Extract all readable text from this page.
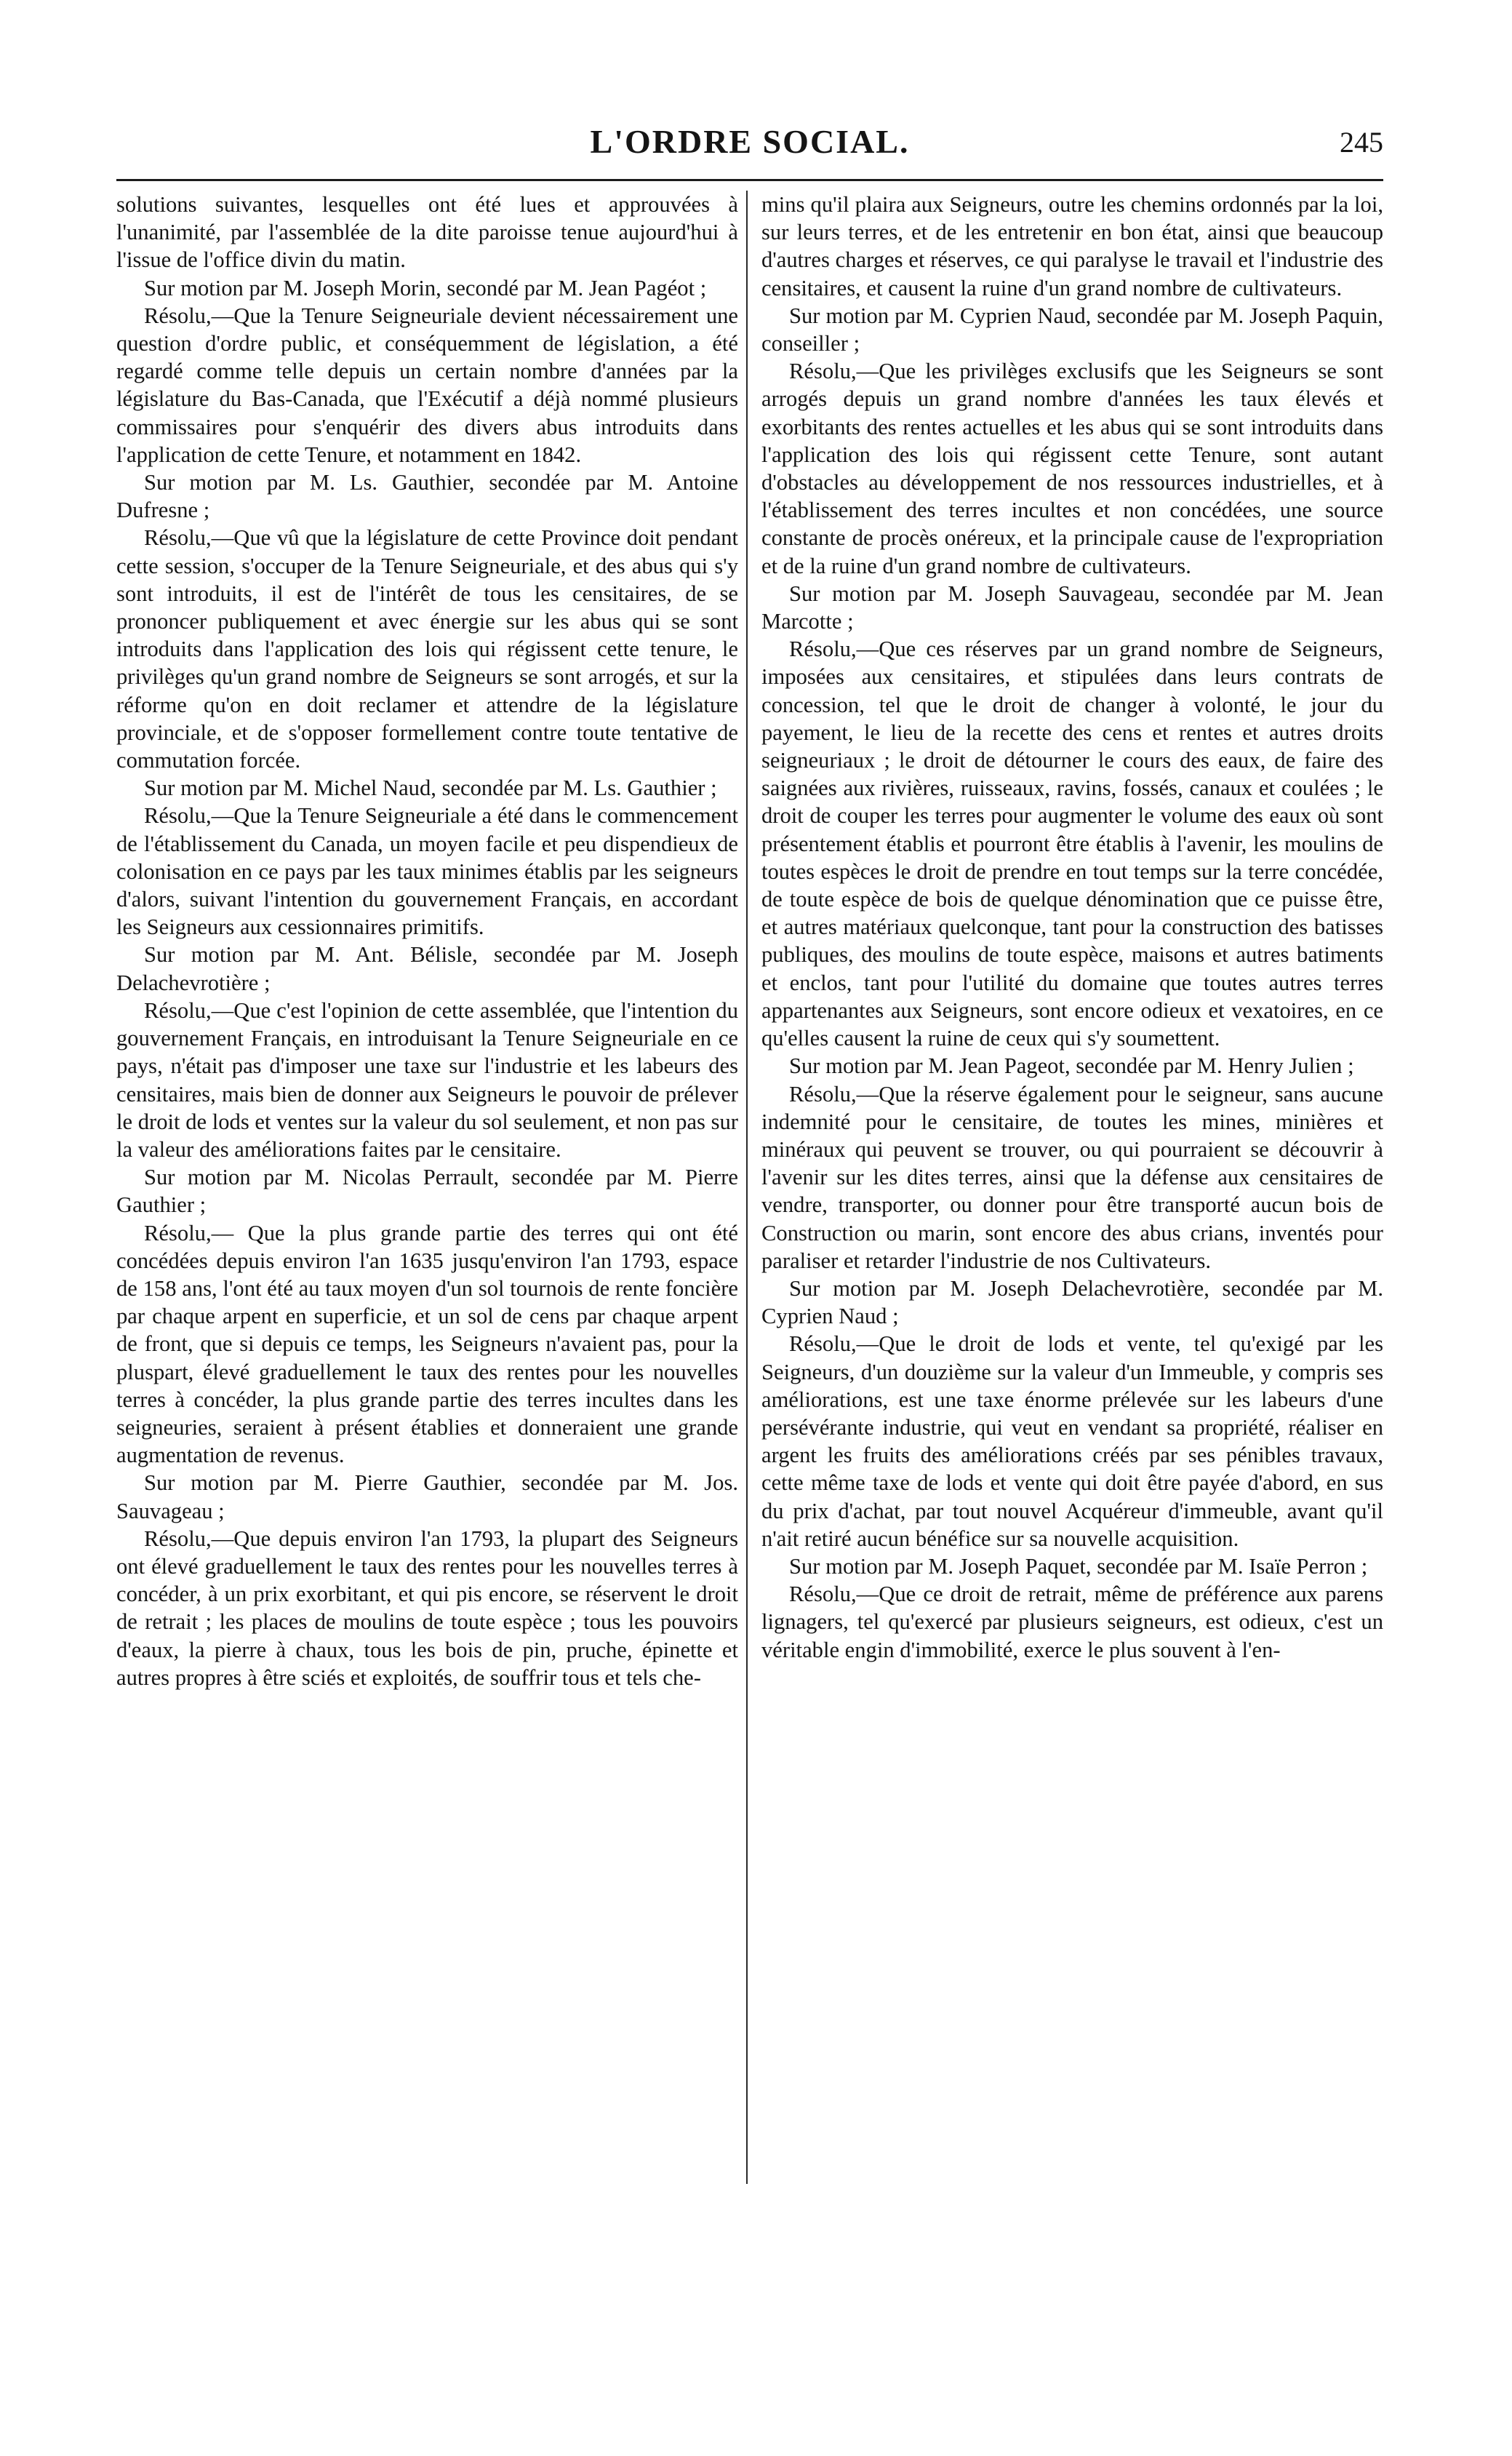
L'ORDRE SOCIAL.	245

solutions suivantes, lesquelles ont été lues et approuvées à l'unanimité, par l'assemblée de la dite paroisse tenue aujourd'hui à l'issue de l'office divin du matin.

Sur motion par M. Joseph Morin, secondé par M. Jean Pagéot ;

Résolu,—Que la Tenure Seigneuriale devient nécessairement une question d'ordre public, et conséquemment de législation, a été regardé comme telle depuis un certain nombre d'années par la législature du Bas-Canada, que l'Exécutif a déjà nommé plusieurs commissaires pour s'enquérir des divers abus introduits dans l'application de cette Tenure, et notamment en 1842.

Sur motion par M. Ls. Gauthier, secondée par M. Antoine Dufresne ;

Résolu,—Que vû que la législature de cette Province doit pendant cette session, s'occuper de la Tenure Seigneuriale, et des abus qui s'y sont introduits, il est de l'intérêt de tous les censitaires, de se prononcer publiquement et avec énergie sur les abus qui se sont introduits dans l'application des lois qui régissent cette tenure, le privilèges qu'un grand nombre de Seigneurs se sont arrogés, et sur la réforme qu'on en doit reclamer et attendre de la législature provinciale, et de s'opposer formellement contre toute tentative de commutation forcée.

Sur motion par M. Michel Naud, secondée par M. Ls. Gauthier ;

Résolu,—Que la Tenure Seigneuriale a été dans le commencement de l'établissement du Canada, un moyen facile et peu dispendieux de colonisation en ce pays par les taux minimes établis par les seigneurs d'alors, suivant l'intention du gouvernement Français, en accordant les Seigneurs aux cessionnaires primitifs.

Sur motion par M. Ant. Bélisle, secondée par M. Joseph Delachevrotière ;

Résolu,—Que c'est l'opinion de cette assemblée, que l'intention du gouvernement Français, en introduisant la Tenure Seigneuriale en ce pays, n'était pas d'imposer une taxe sur l'industrie et les labeurs des censitaires, mais bien de donner aux Seigneurs le pouvoir de prélever le droit de lods et ventes sur la valeur du sol seulement, et non pas sur la valeur des améliorations faites par le censitaire.

Sur motion par M. Nicolas Perrault, secondée par M. Pierre Gauthier ;

Résolu,— Que la plus grande partie des terres qui ont été concédées depuis environ l'an 1635 jusqu'environ l'an 1793, espace de 158 ans, l'ont été au taux moyen d'un sol tournois de rente foncière par chaque arpent en superficie, et un sol de cens par chaque arpent de front, que si depuis ce temps, les Seigneurs n'avaient pas, pour la pluspart, élevé graduellement le taux des rentes pour les nouvelles terres à concéder, la plus grande partie des terres incultes dans les seigneuries, seraient à présent établies et donneraient une grande augmentation de revenus.

Sur motion par M. Pierre Gauthier, secondée par M. Jos. Sauvageau ;

Résolu,—Que depuis environ l'an 1793, la plupart des Seigneurs ont élevé graduellement le taux des rentes pour les nouvelles terres à concéder, à un prix exorbitant, et qui pis encore, se réservent le droit de retrait ; les places de moulins de toute espèce ; tous les pouvoirs d'eaux, la pierre à chaux, tous les bois de pin, pruche, épinette et autres propres à être sciés et exploités, de souffrir tous et tels che-

mins qu'il plaira aux Seigneurs, outre les chemins ordonnés par la loi, sur leurs terres, et de les entretenir en bon état, ainsi que beaucoup d'autres charges et réserves, ce qui paralyse le travail et l'industrie des censitaires, et causent la ruine d'un grand nombre de cultivateurs.

Sur motion par M. Cyprien Naud, secondée par M. Joseph Paquin, conseiller ;

Résolu,—Que les privilèges exclusifs que les Seigneurs se sont arrogés depuis un grand nombre d'années les taux élevés et exorbitants des rentes actuelles et les abus qui se sont introduits dans l'application des lois qui régissent cette Tenure, sont autant d'obstacles au développement de nos ressources industrielles, et à l'établissement des terres incultes et non concédées, une source constante de procès onéreux, et la principale cause de l'expropriation et de la ruine d'un grand nombre de cultivateurs.

Sur motion par M. Joseph Sauvageau, secondée par M. Jean Marcotte ;

Résolu,—Que ces réserves par un grand nombre de Seigneurs, imposées aux censitaires, et stipulées dans leurs contrats de concession, tel que le droit de changer à volonté, le jour du payement, le lieu de la recette des cens et rentes et autres droits seigneuriaux ; le droit de détourner le cours des eaux, de faire des saignées aux rivières, ruisseaux, ravins, fossés, canaux et coulées ; le droit de couper les terres pour augmenter le volume des eaux où sont présentement établis et pourront être établis à l'avenir, les moulins de toutes espèces le droit de prendre en tout temps sur la terre concédée, de toute espèce de bois de quelque dénomination que ce puisse être, et autres matériaux quelconque, tant pour la construction des batisses publiques, des moulins de toute espèce, maisons et autres batiments et enclos, tant pour l'utilité du domaine que toutes autres terres appartenantes aux Seigneurs, sont encore odieux et vexatoires, en ce qu'elles causent la ruine de ceux qui s'y soumettent.

Sur motion par M. Jean Pageot, secondée par M. Henry Julien ;

Résolu,—Que la réserve également pour le seigneur, sans aucune indemnité pour le censitaire, de toutes les mines, minières et minéraux qui peuvent se trouver, ou qui pourraient se découvrir à l'avenir sur les dites terres, ainsi que la défense aux censitaires de vendre, transporter, ou donner pour être transporté aucun bois de Construction ou marin, sont encore des abus crians, inventés pour paraliser et retarder l'industrie de nos Cultivateurs.

Sur motion par M. Joseph Delachevrotière, secondée par M. Cyprien Naud ;

Résolu,—Que le droit de lods et vente, tel qu'exigé par les Seigneurs, d'un douzième sur la valeur d'un Immeuble, y compris ses améliorations, est une taxe énorme prélevée sur les labeurs d'une persévérante industrie, qui veut en vendant sa propriété, réaliser en argent les fruits des améliorations créés par ses pénibles travaux, cette même taxe de lods et vente qui doit être payée d'abord, en sus du prix d'achat, par tout nouvel Acquéreur d'immeuble, avant qu'il n'ait retiré aucun bénéfice sur sa nouvelle acquisition.

Sur motion par M. Joseph Paquet, secondée par M. Isaïe Perron ;

Résolu,—Que ce droit de retrait, même de préférence aux parens lignagers, tel qu'exercé par plusieurs seigneurs, est odieux, c'est un véritable engin d'immobilité, exerce le plus souvent à l'en-
